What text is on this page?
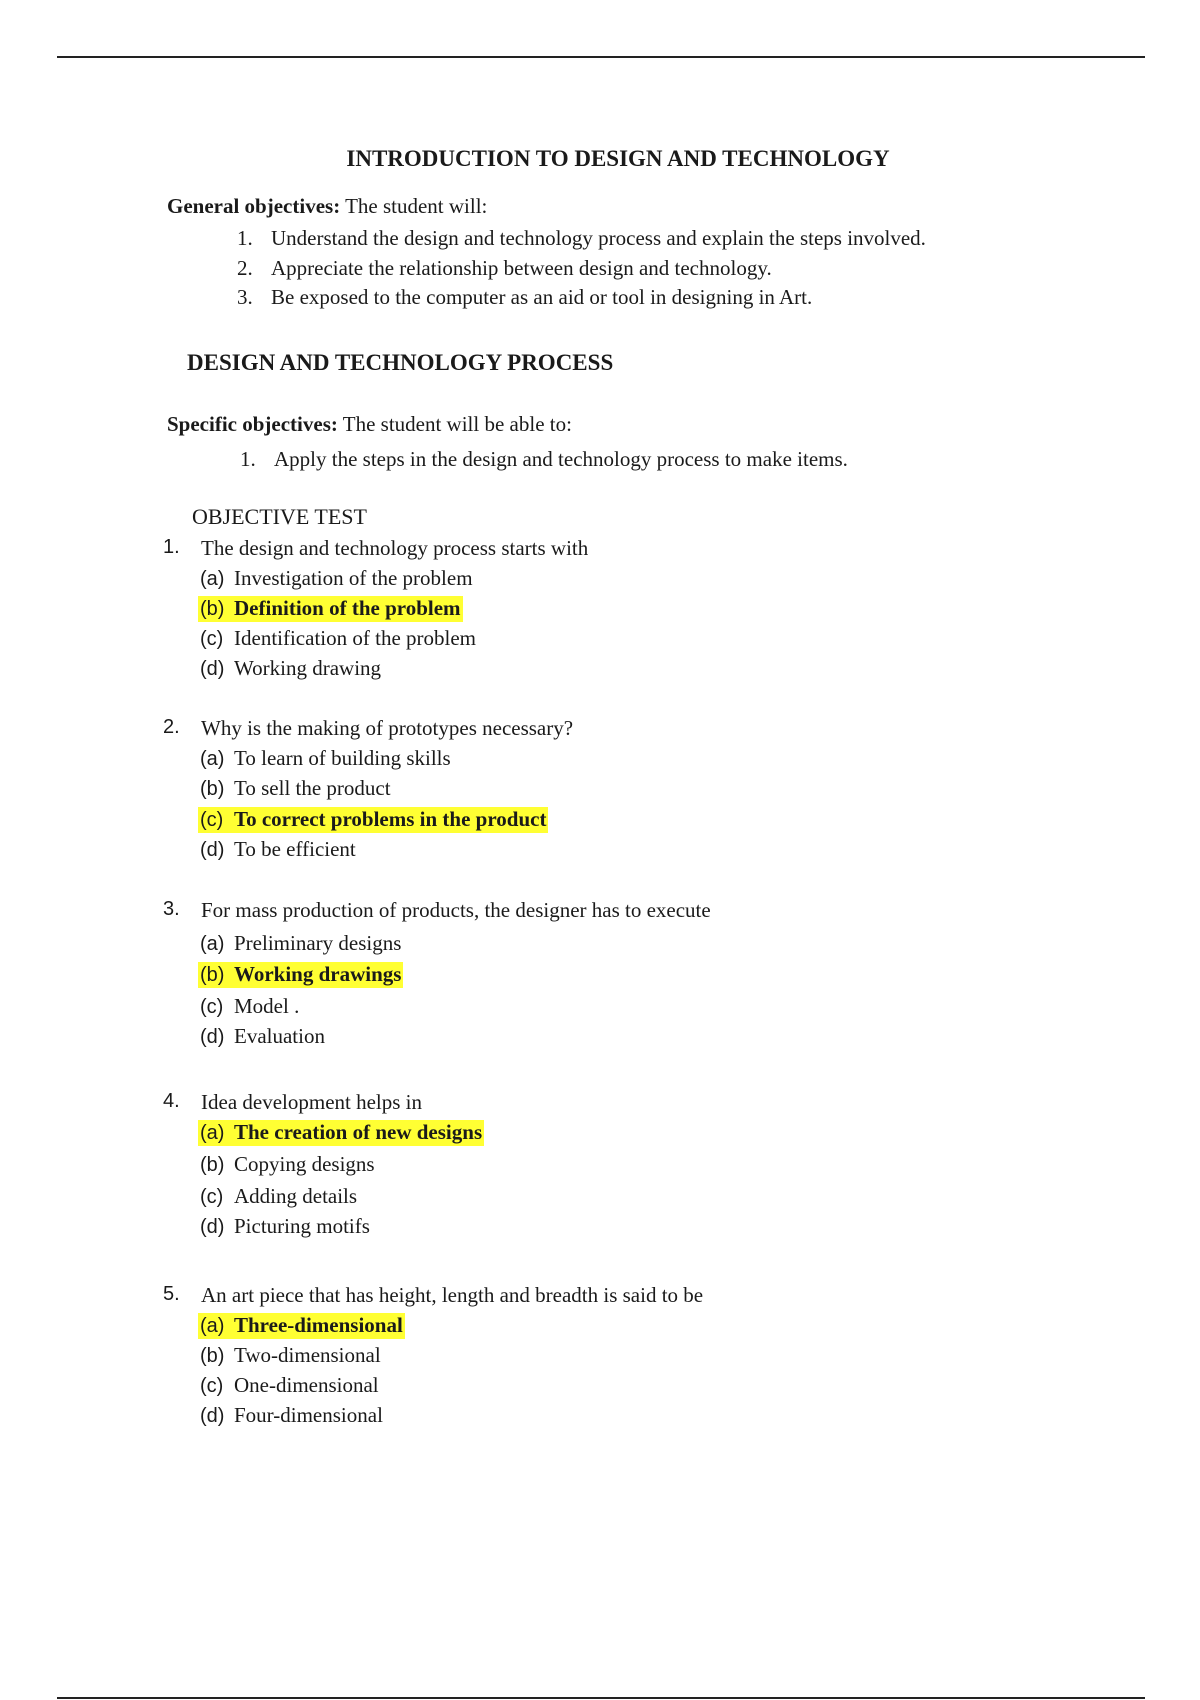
INTRODUCTION TO DESIGN AND TECHNOLOGY
General objectives: The student will:
1. Understand the design and technology process and explain the steps involved.
2. Appreciate the relationship between design and technology.
3. Be exposed to the computer as an aid or tool in designing in Art.
DESIGN AND TECHNOLOGY PROCESS
Specific objectives: The student will be able to:
1. Apply the steps in the design and technology process to make items.
OBJECTIVE TEST
1. The design and technology process starts with
(a) Investigation of the problem
(b) Definition of the problem
(c) Identification of the problem
(d) Working drawing
2. Why is the making of prototypes necessary?
(a) To learn of building skills
(b) To sell the product
(c) To correct problems in the product
(d) To be efficient
3. For mass production of products, the designer has to execute
(a) Preliminary designs
(b) Working drawings
(c) Model .
(d) Evaluation
4. Idea development helps in
(a) The creation of new designs
(b) Copying designs
(c) Adding details
(d) Picturing motifs
5. An art piece that has height, length and breadth is said to be
(a) Three-dimensional
(b) Two-dimensional
(c) One-dimensional
(d) Four-dimensional
